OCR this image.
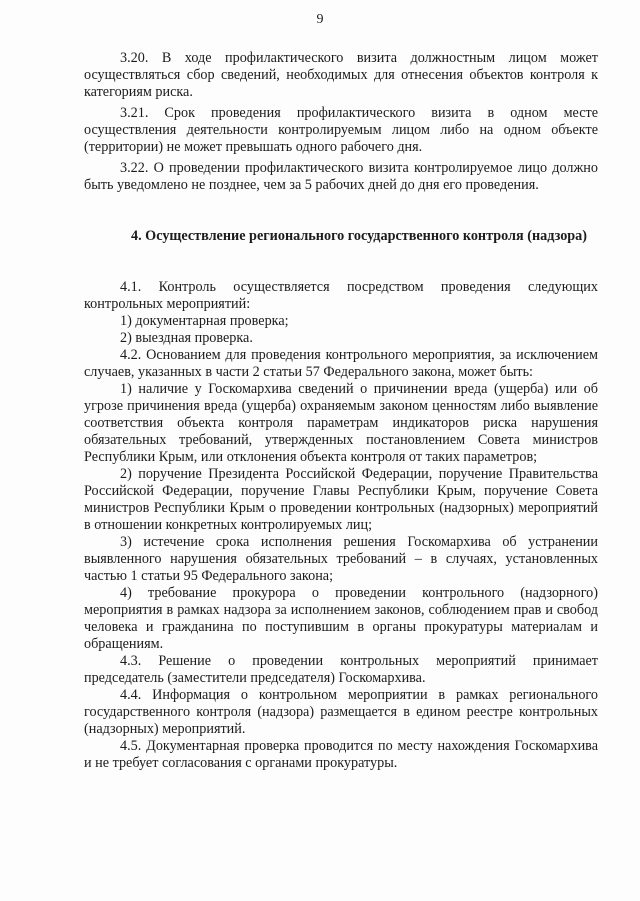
9

3.20. В ходе профилактического визита должностным лицом может осуществляться сбор сведений, необходимых для отнесения объектов контроля к категориям риска.

3.21. Срок проведения профилактического визита в одном месте осуществления деятельности контролируемым лицом либо на одном объекте (территории) не может превышать одного рабочего дня.

3.22. О проведении профилактического визита контролируемое лицо должно быть уведомлено не позднее, чем за 5 рабочих дней до дня его проведения.

4. Осуществление регионального государственного контроля (надзора)

4.1. Контроль осуществляется посредством проведения следующих контрольных мероприятий:

1) документарная проверка;

2) выездная проверка.

4.2. Основанием для проведения контрольного мероприятия, за исключением случаев, указанных в части 2 статьи 57 Федерального закона, может быть:

1) наличие у Госкомархива сведений о причинении вреда (ущерба) или об угрозе причинения вреда (ущерба) охраняемым законом ценностям либо выявление соответствия объекта контроля параметрам индикаторов риска нарушения обязательных требований, утвержденных постановлением Совета министров Республики Крым, или отклонения объекта контроля от таких параметров;

2) поручение Президента Российской Федерации, поручение Правительства Российской Федерации, поручение Главы Республики Крым, поручение Совета министров Республики Крым о проведении контрольных (надзорных) мероприятий в отношении конкретных контролируемых лиц;

3) истечение срока исполнения решения Госкомархива об устранении выявленного нарушения обязательных требований – в случаях, установленных частью 1 статьи 95 Федерального закона;

4) требование прокурора о проведении контрольного (надзорного) мероприятия в рамках надзора за исполнением законов, соблюдением прав и свобод человека и гражданина по поступившим в органы прокуратуры материалам и обращениям.

4.3. Решение о проведении контрольных мероприятий принимает председатель (заместители председателя) Госкомархива.

4.4. Информация о контрольном мероприятии в рамках регионального государственного контроля (надзора) размещается в едином реестре контрольных (надзорных) мероприятий.

4.5. Документарная проверка проводится по месту нахождения Госкомархива и не требует согласования с органами прокуратуры.
